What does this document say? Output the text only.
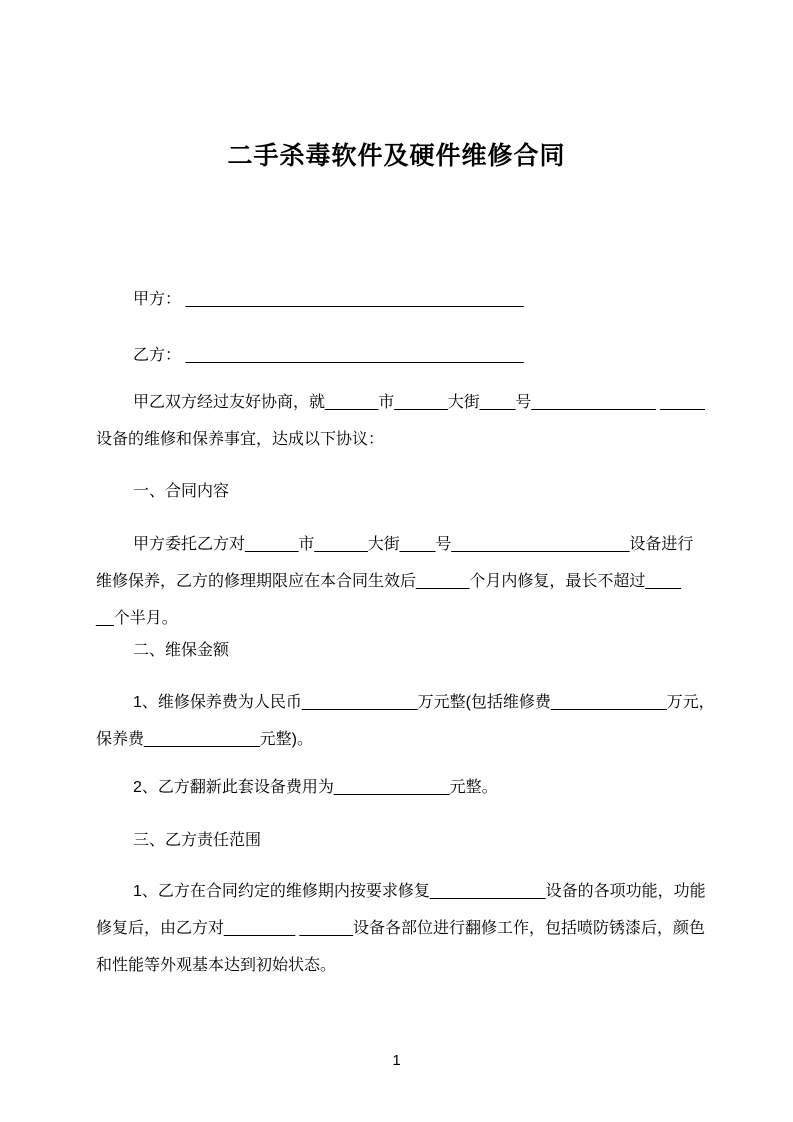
二手杀毒软件及硬件维修合同
甲方： ______________________________________
乙方： ______________________________________
甲乙双方经过友好协商，就______市______大街____号______________ _____
设备的维修和保养事宜，达成以下协议：
一、合同内容
甲方委托乙方对______市______大街____号____________________设备进行
维修保养，乙方的修理期限应在本合同生效后______个月内修复，最长不超过____
__个半月。
二、维保金额
1、维修保养费为人民币_____________万元整(包括维修费_____________万元，
保养费_____________元整)。
2、乙方翻新此套设备费用为_____________元整。
三、乙方责任范围
1、乙方在合同约定的维修期内按要求修复_____________设备的各项功能，功能
修复后，由乙方对________ ______设备各部位进行翻修工作，包括喷防锈漆后，颜色
和性能等外观基本达到初始状态。
1
